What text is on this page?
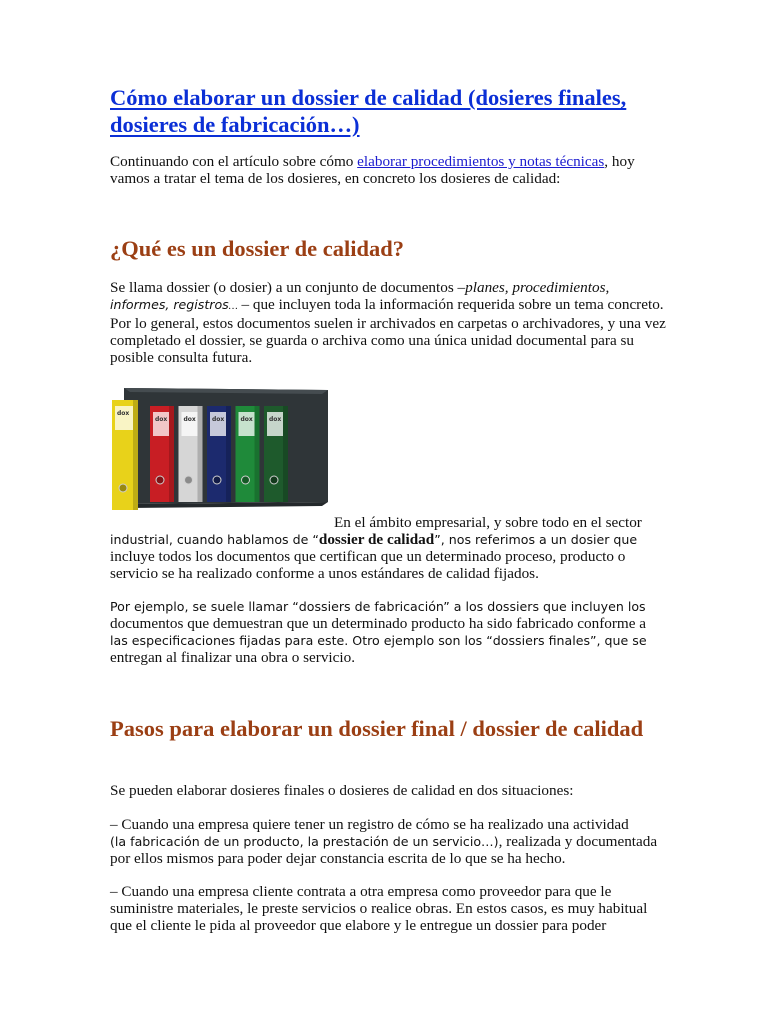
Cómo elaborar un dossier de calidad (dosieres finales, dosieres de fabricación…)

Continuando con el artículo sobre cómo elaborar procedimientos y notas técnicas, hoy vamos a tratar el tema de los dosieres, en concreto los dosieres de calidad:

¿Qué es un dossier de calidad?

Se llama dossier (o dosier) a un conjunto de documentos –planes, procedimientos,
informes, registros… – que incluyen toda la información requerida sobre un tema concreto. Por lo general, estos documentos suelen ir archivados en carpetas o archivadores, y una vez completado el dossier, se guarda o archiva como una única unidad documental para su posible consulta futura.

dox
dox	dox	dox	dox	dox

En el ámbito empresarial, y sobre todo en el sector

industrial, cuando hablamos de “dossier de calidad”, nos referimos a un dosier que
incluye todos los documentos que certifican que un determinado proceso, producto o servicio se ha realizado conforme a unos estándares de calidad fijados.

Por ejemplo, se suele llamar “dossiers de fabricación” a los dossiers que incluyen los

documentos que demuestran que un determinado producto ha sido fabricado conforme a

las especificaciones fijadas para este. Otro ejemplo son los “dossiers finales”, que se

entregan al finalizar una obra o servicio.

Pasos para elaborar un dossier final / dossier de calidad

Se pueden elaborar dosieres finales o dosieres de calidad en dos situaciones:

– Cuando una empresa quiere tener un registro de cómo se ha realizado una actividad

(la fabricación de un producto, la prestación de un servicio…), realizada y documentada por ellos mismos para poder dejar constancia escrita de lo que se ha hecho.

– Cuando una empresa cliente contrata a otra empresa como proveedor para que le suministre materiales, le preste servicios o realice obras. En estos casos, es muy habitual que el cliente le pida al proveedor que elabore y le entregue un dossier para poder
